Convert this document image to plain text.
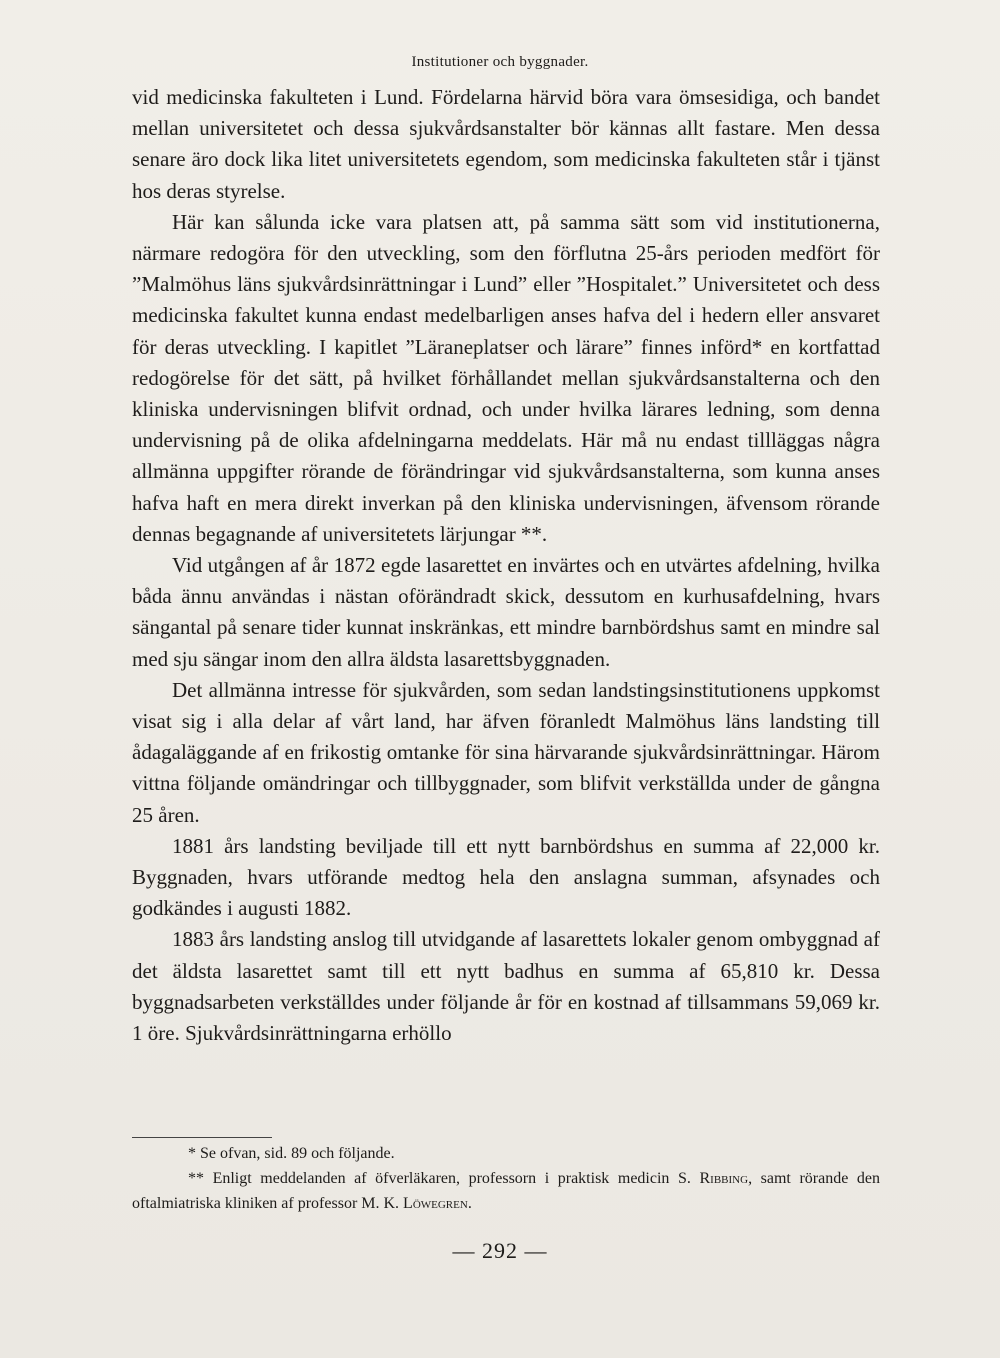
Institutioner och byggnader.

vid medicinska fakulteten i Lund. Fördelarna härvid böra vara ömsesidiga, och bandet mellan universitetet och dessa sjukvårdsanstalter bör kännas allt fastare. Men dessa senare äro dock lika litet universitetets egendom, som medicinska fakulteten står i tjänst hos deras styrelse.

Här kan sålunda icke vara platsen att, på samma sätt som vid institutionerna, närmare redogöra för den utveckling, som den förflutna 25-års perioden medfört för ”Malmöhus läns sjukvårdsinrättningar i Lund” eller ”Hospitalet.” Universitetet och dess medicinska fakultet kunna endast medelbarligen anses hafva del i hedern eller ansvaret för deras utveckling. I kapitlet ”Läraneplatser och lärare” finnes införd* en kortfattad redogörelse för det sätt, på hvilket förhållandet mellan sjukvårdsanstalterna och den kliniska undervisningen blifvit ordnad, och under hvilka lärares ledning, som denna undervisning på de olika afdelningarna meddelats. Här må nu endast tillläggas några allmänna uppgifter rörande de förändringar vid sjukvårdsanstalterna, som kunna anses hafva haft en mera direkt inverkan på den kliniska undervisningen, äfvensom rörande dennas begagnande af universitetets lärjungar **.

Vid utgången af år 1872 egde lasarettet en invärtes och en utvärtes afdelning, hvilka båda ännu användas i nästan oförändradt skick, dessutom en kurhusafdelning, hvars sängantal på senare tider kunnat inskränkas, ett mindre barnbördshus samt en mindre sal med sju sängar inom den allra äldsta lasarettsbyggnaden.

Det allmänna intresse för sjukvården, som sedan landstingsinstitutionens uppkomst visat sig i alla delar af vårt land, har äfven föranledt Malmöhus läns landsting till ådagaläggande af en frikostig omtanke för sina härvarande sjukvårdsinrättningar. Härom vittna följande omändringar och tillbyggnader, som blifvit verkställda under de gångna 25 åren.

1881 års landsting beviljade till ett nytt barnbördshus en summa af 22,000 kr. Byggnaden, hvars utförande medtog hela den anslagna summan, afsynades och godkändes i augusti 1882.

1883 års landsting anslog till utvidgande af lasarettets lokaler genom ombyggnad af det äldsta lasarettet samt till ett nytt badhus en summa af 65,810 kr. Dessa byggnadsarbeten verkställdes under följande år för en kostnad af tillsammans 59,069 kr. 1 öre. Sjukvårdsinrättningarna erhöllo

* Se ofvan, sid. 89 och följande.

** Enligt meddelanden af öfverläkaren, professorn i praktisk medicin S. Ribbing, samt rörande den oftalmiatriska kliniken af professor M. K. Löwegren.

— 292 —
